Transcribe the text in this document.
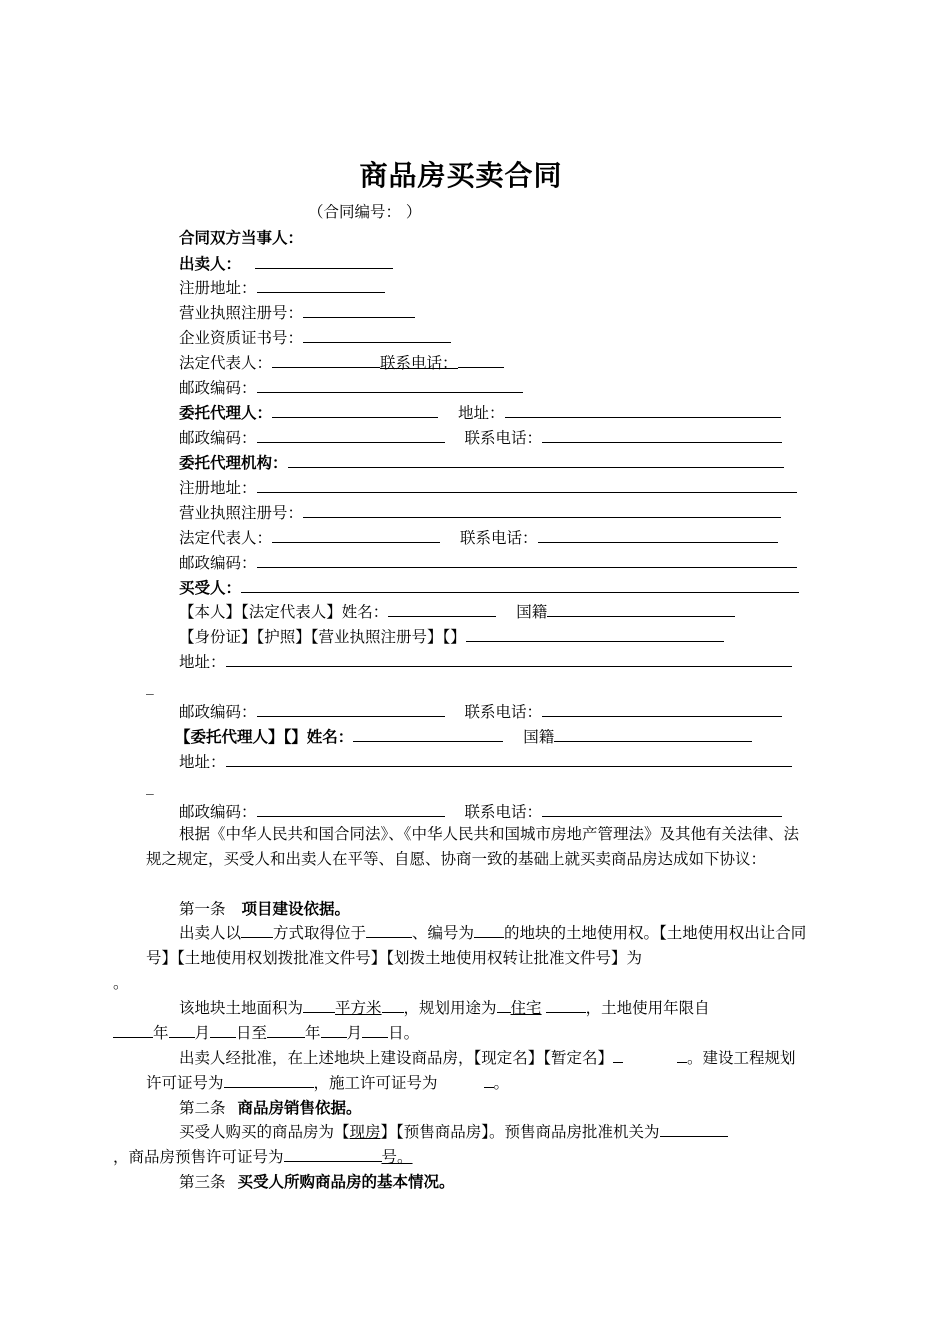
商品房买卖合同
（合同编号： ）
合同双方当事人：
出卖人：
注册地址：
营业执照注册号：
企业资质证书号：
法定代表人：	联系电话：
邮政编码：
委托代理人：	地址：
邮政编码：	联系电话：
委托代理机构：
注册地址：
营业执照注册号：
法定代表人：	联系电话：
邮政编码：
买受人：
【本人】【法定代表人】姓名：	国籍
【身份证】【护照】【营业执照注册号】【】
地址：
_
邮政编码：	联系电话：
【委托代理人】【】姓名：	国籍
地址：
_
邮政编码：	联系电话：
根据《中华人民共和国合同法》、《中华人民共和国城市房地产管理法》及其他有关法律、法规之规定，买受人和出卖人在平等、自愿、协商一致的基础上就买卖商品房达成如下协议：
第一条 项目建设依据。
出卖人以 方式取得位于	、编号为 的地块的土地使用权。【土地使用权出让合同号】【土地使用权划拨批准文件号】【划拨土地使用权转让批准文件号】为
。
该地块土地面积为 平方米 ，规划用途为 住宅	，土地使用年限自
年 月 日至 年 月 日。
出卖人经批准，在上述地块上建设商品房，【现定名】【暂定名】	。建设工程规划许可证号为	，施工许可证号为	。
第二条 商品房销售依据。
买受人购买的商品房为【现房】【预售商品房】。预售商品房批准机关为
，商品房预售许可证号为	号。
第三条 买受人所购商品房的基本情况。
